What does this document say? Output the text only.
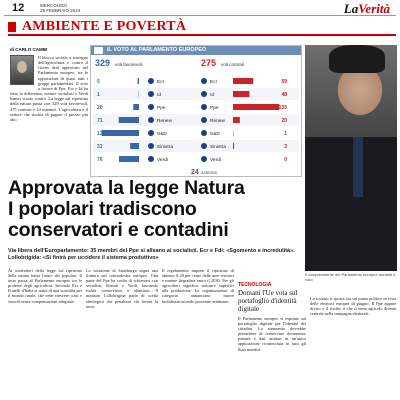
12	MERCOLEDÌ
29 FEBBRAIO 2024	LaVerità
AMBIENTE E POVERTÀ
di CARLO CAMBI
Il blocco sociale a sostegno dell'agricoltura e contro il Green deal approvato nel Parlamento europeo, tra le opposizioni di quasi tutti i gruppi parlamentari. Il voto a favore di Ppe, Ecr e Id ha fatto la differenza, mentre socialisti e Verdi hanno votato contro. La legge sul ripristino della natura passa con 329 voti favorevoli, 275 contrari e 24 astenuti. L'agricoltura è il settore che rischia di pagare il prezzo più alto.
IL VOTO AL PARLAMENTO EUROPEO
329 voti favorevoli	275 voti contrari
Ecr
5	Ecr	59
Id
1	Id	48
Ppe
20	Ppe	135
Renew
71	Renew	20
S&D
131	S&D	1
Sinistra
31	Sinistra	3
Verdi
70	Verdi	0
24 astenuti
Il vicepresidente del Parlamento europeo durante il voto
Approvata la legge Natura
I popolari tradiscono
conservatori e contadini
Via libera dell'Europarlamento: 35 membri del Ppe si alleano ai socialisti. Ecr e Fdi: «Sgomento e incredulità». Lollobrigida: «Si finirà per uccidere il sistema produttivo»
Ai sostenitori della legge sul ripristino della natura basta l'aiuto dei popolari. Il testo passa al Parlamento europeo tra le proteste degli agricoltori. Secondo Ecr e Fratelli d'Italia si tratta di una sconfitta per il mondo rurale, che vede crescere costi e vincoli senza compensazioni adeguate.
La votazione di Strasburgo segna una frattura nel centrodestra europeo. Una parte del Ppe ha scelto di schierarsi con socialisti, liberali e Verdi, lasciando isolati conservatori e identitari. Il ministro Lollobrigida parla di scelta ideologica che penalizza chi lavora la terra.
Il regolamento impone il ripristino di almeno il 20 per cento delle aree terrestri e marine degradate entro il 2030. Per gli agricoltori significa sottrarre superfici alla produzione. Le organizzazioni di categoria annunciano nuove mobilitazioni nelle prossime settimane.
TECNOLOGIA
Domani l'Ue vota sul portafoglio d'identità digitale
Il Parlamento europeo si esprime sul portafoglio digitale per l'identità dei cittadini. Lo strumento dovrebbe permettere di conservare documenti, patente e dati sanitari in un'unica applicazione riconosciuta in tutti gli Stati membri.
Lo scontro si sposta ora sul piano politico in vista delle elezioni europee di giugno. Il Ppe appare diviso e il rischio è che il tema agricolo diventi centrale nella campagna elettorale.
